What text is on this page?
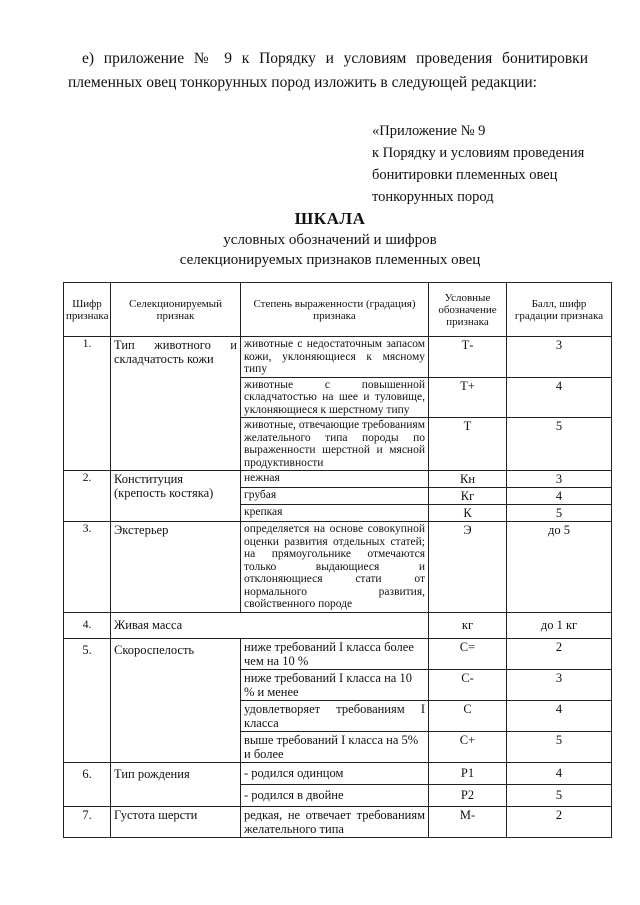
е) приложение № 9 к Порядку и условиям проведения бонитировки племенных овец тонкорунных пород изложить в следующей редакции:
«Приложение № 9
к Порядку и условиям проведения
бонитировки племенных овец
тонкорунных пород
ШКАЛА
условных обозначений и шифров
селекционируемых признаков племенных овец
Шифр признака	Селекционируемый признак	Степень выраженности (градация) признака	Условные обозначение признака	Балл, шифр градации признака
1.	Тип животного и складчатость кожи	животные с недостаточным запасом кожи, уклоняющиеся к мясному типу	Т-	3
		животные с повышенной складчатостью на шее и туловище, уклоняющиеся к шерстному типу	Т+	4
		животные, отвечающие требованиям желательного типа породы по выраженности шерстной и мясной продуктивности	Т	5
2.	Конституция (крепость костяка)	нежная	Кн	3
		грубая	Кг	4
		крепкая	К	5
3.	Экстерьер	определяется на основе совокупной оценки развития отдельных статей; на прямоугольнике отмечаются только выдающиеся и отклоняющиеся стати от нормального развития, свойственного породе	Э	до 5
4.	Живая масса		кг	до 1 кг
5.	Скороспелость	ниже требований I класса более чем на 10 %	С=	2
		ниже требований I класса на 10 % и менее	С-	3
		удовлетворяет требованиям I класса	С	4
		выше требований I класса на 5% и более	С+	5
6.	Тип рождения	- родился одинцом	Р1	4
		- родился в двойне	Р2	5
7.	Густота шерсти	редкая, не отвечает требованиям желательного типа	М-	2
